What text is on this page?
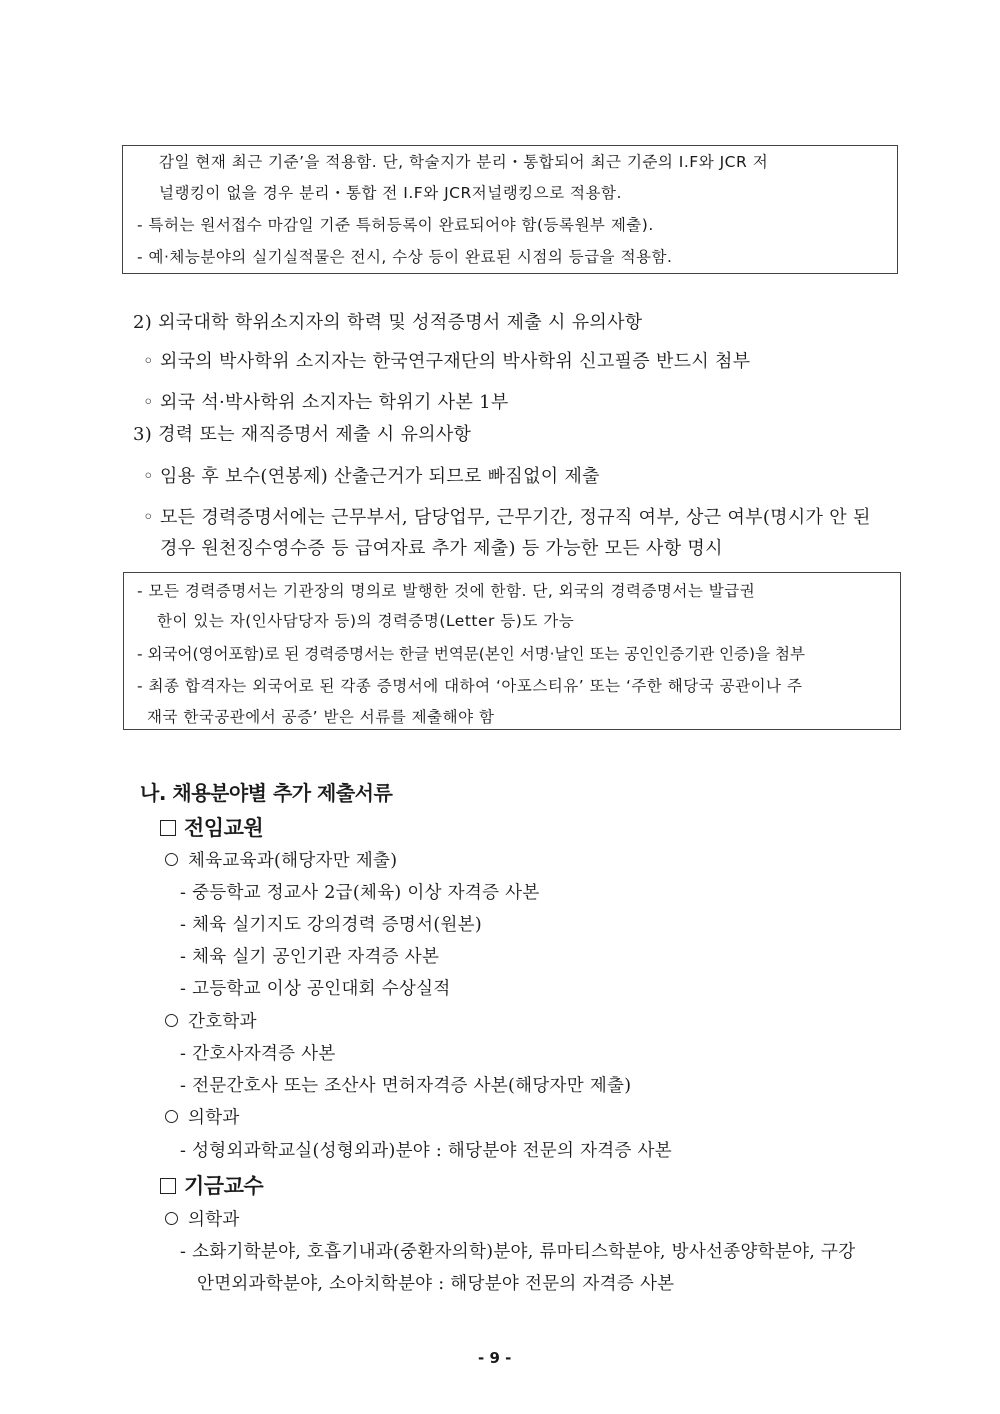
감일 현재 최근 기준’을 적용함. 단, 학술지가 분리・통합되어 최근 기준의 I.F와 JCR 저
널랭킹이 없을 경우 분리・통합 전 I.F와 JCR저널랭킹으로 적용함.
- 특허는 원서접수 마감일 기준 특허등록이 완료되어야 함(등록원부 제출).
- 예·체능분야의 실기실적물은 전시, 수상 등이 완료된 시점의 등급을 적용함.
2) 외국대학 학위소지자의 학력 및 성적증명서 제출 시 유의사항
◦ 외국의 박사학위 소지자는 한국연구재단의 박사학위 신고필증 반드시 첨부
◦ 외국 석·박사학위 소지자는 학위기 사본 1부
3) 경력 또는 재직증명서 제출 시 유의사항
◦ 임용 후 보수(연봉제) 산출근거가 되므로 빠짐없이 제출
◦ 모든 경력증명서에는 근무부서, 담당업무, 근무기간, 정규직 여부, 상근 여부(명시가 안 된
경우 원천징수영수증 등 급여자료 추가 제출) 등 가능한 모든 사항 명시
- 모든 경력증명서는 기관장의 명의로 발행한 것에 한함. 단, 외국의 경력증명서는 발급권
한이 있는 자(인사담당자 등)의 경력증명(Letter 등)도 가능
- 외국어(영어포함)로 된 경력증명서는 한글 번역문(본인 서명·날인 또는 공인인증기관 인증)을 첨부
- 최종 합격자는 외국어로 된 각종 증명서에 대하여 ‘아포스티유’ 또는 ‘주한 해당국 공관이나 주
재국 한국공관에서 공증’ 받은 서류를 제출해야 함
나. 채용분야별 추가 제출서류
전임교원
체육교육과(해당자만 제출)
- 중등학교 정교사 2급(체육) 이상 자격증 사본
- 체육 실기지도 강의경력 증명서(원본)
- 체육 실기 공인기관 자격증 사본
- 고등학교 이상 공인대회 수상실적
간호학과
- 간호사자격증 사본
- 전문간호사 또는 조산사 면허자격증 사본(해당자만 제출)
의학과
- 성형외과학교실(성형외과)분야 : 해당분야 전문의 자격증 사본
기금교수
의학과
- 소화기학분야, 호흡기내과(중환자의학)분야, 류마티스학분야, 방사선종양학분야, 구강
안면외과학분야, 소아치학분야 : 해당분야 전문의 자격증 사본
- 9 -
